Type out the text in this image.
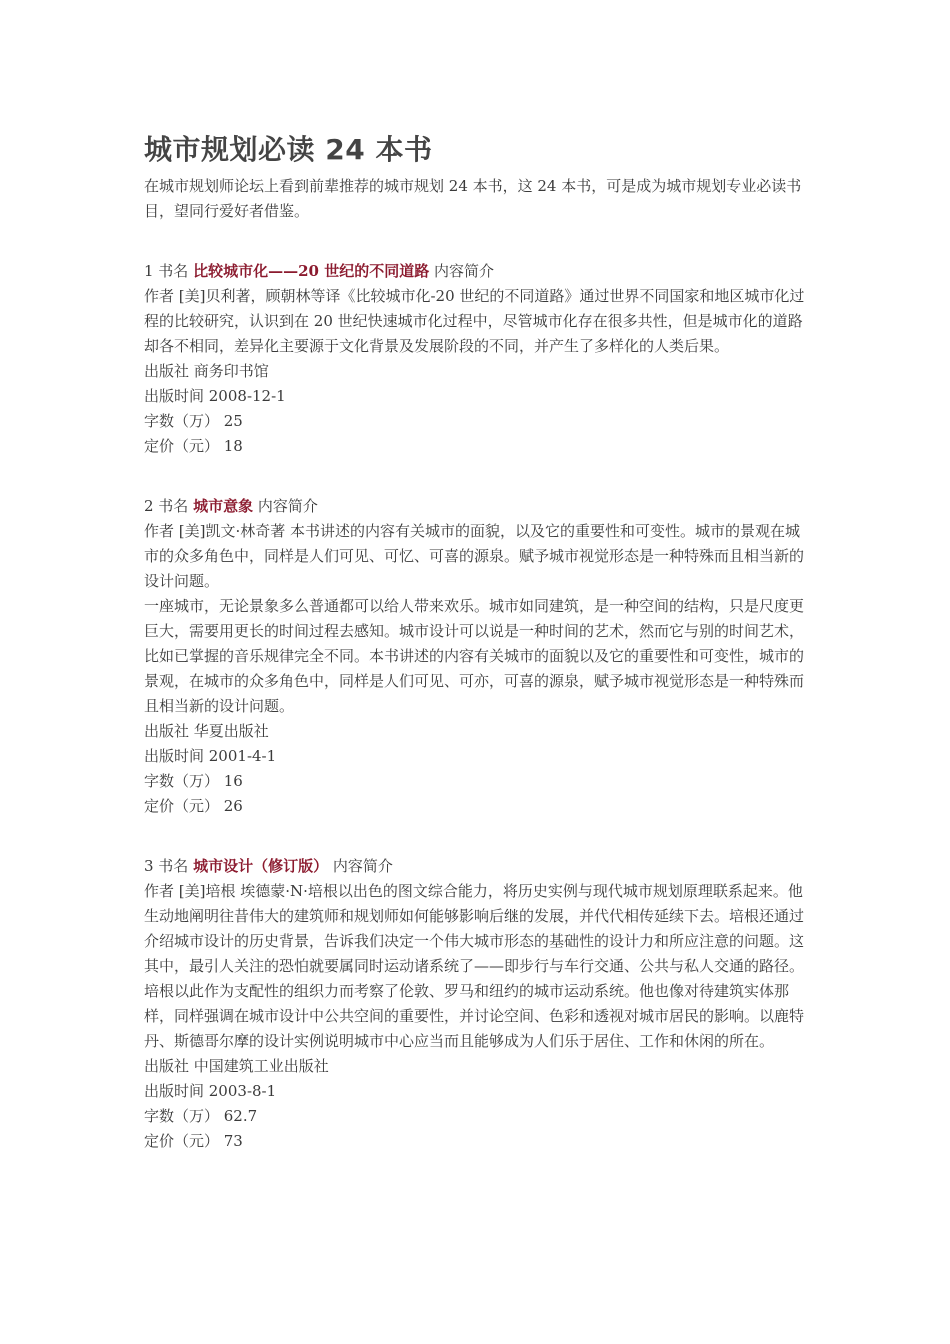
城市规划必读 24 本书

在城市规划师论坛上看到前辈推荐的城市规划 24 本书，这 24 本书，可是成为城市规划专业必读书目，望同行爱好者借鉴。

1 书名 比较城市化——20 世纪的不同道路 内容简介

作者 [美]贝利著，顾朝林等译《比较城市化-20 世纪的不同道路》通过世界不同国家和地区城市化过程的比较研究，认识到在 20 世纪快速城市化过程中，尽管城市化存在很多共性，但是城市化的道路却各不相同，差异化主要源于文化背景及发展阶段的不同，并产生了多样化的人类后果。

出版社 商务印书馆

出版时间 2008-12-1

字数（万） 25

定价（元） 18

2 书名 城市意象 内容简介

作者 [美]凯文·林奇著 本书讲述的内容有关城市的面貌，以及它的重要性和可变性。城市的景观在城市的众多角色中，同样是人们可见、可忆、可喜的源泉。赋予城市视觉形态是一种特殊而且相当新的设计问题。

一座城市，无论景象多么普通都可以给人带来欢乐。城市如同建筑，是一种空间的结构，只是尺度更巨大，需要用更长的时间过程去感知。城市设计可以说是一种时间的艺术，然而它与别的时间艺术，比如已掌握的音乐规律完全不同。本书讲述的内容有关城市的面貌以及它的重要性和可变性，城市的景观，在城市的众多角色中，同样是人们可见、可亦，可喜的源泉，赋予城市视觉形态是一种特殊而且相当新的设计问题。

出版社 华夏出版社

出版时间 2001-4-1

字数（万） 16

定价（元） 26

3 书名 城市设计（修订版） 内容简介

作者 [美]培根 埃德蒙·N·培根以出色的图文综合能力，将历史实例与现代城市规划原理联系起来。他生动地阐明往昔伟大的建筑师和规划师如何能够影响后继的发展，并代代相传延续下去。培根还通过介绍城市设计的历史背景，告诉我们决定一个伟大城市形态的基础性的设计力和所应注意的问题。这其中，最引人关注的恐怕就要属同时运动诸系统了——即步行与车行交通、公共与私人交通的路径。培根以此作为支配性的组织力而考察了伦敦、罗马和纽约的城市运动系统。他也像对待建筑实体那样，同样强调在城市设计中公共空间的重要性，并讨论空间、色彩和透视对城市居民的影响。以鹿特丹、斯德哥尔摩的设计实例说明城市中心应当而且能够成为人们乐于居住、工作和休闲的所在。

出版社 中国建筑工业出版社

出版时间 2003-8-1

字数（万） 62.7

定价（元） 73
